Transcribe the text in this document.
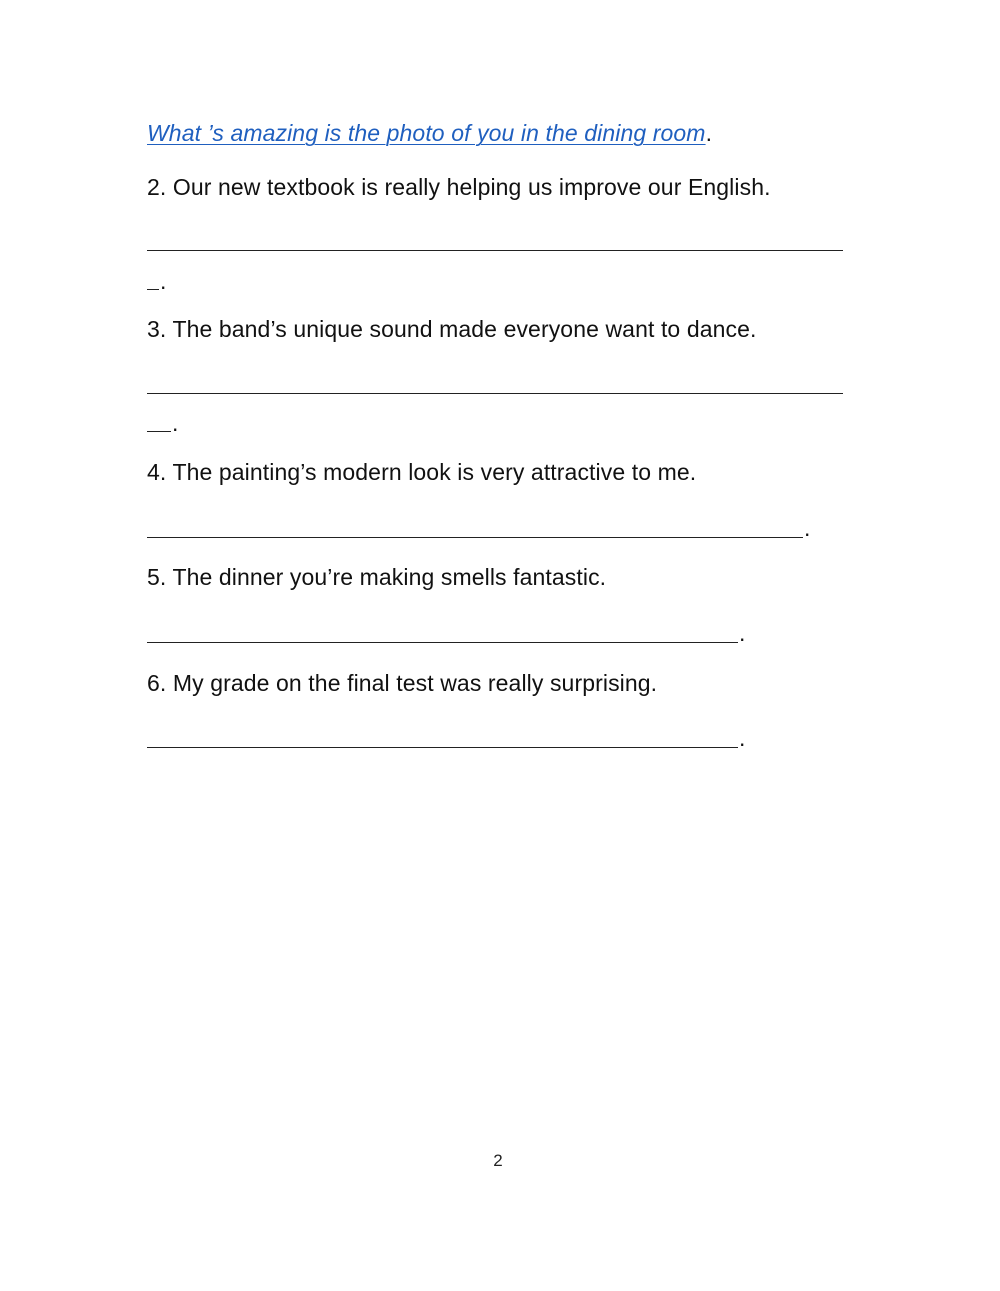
What ’s amazing is the photo of you in the dining room.
2. Our new textbook is really helping us improve our English.
.
3. The band’s unique sound made everyone want to dance.
.
4. The painting’s modern look is very attractive to me.
.
5. The dinner you’re making smells fantastic.
.
6. My grade on the final test was really surprising.
.
2
